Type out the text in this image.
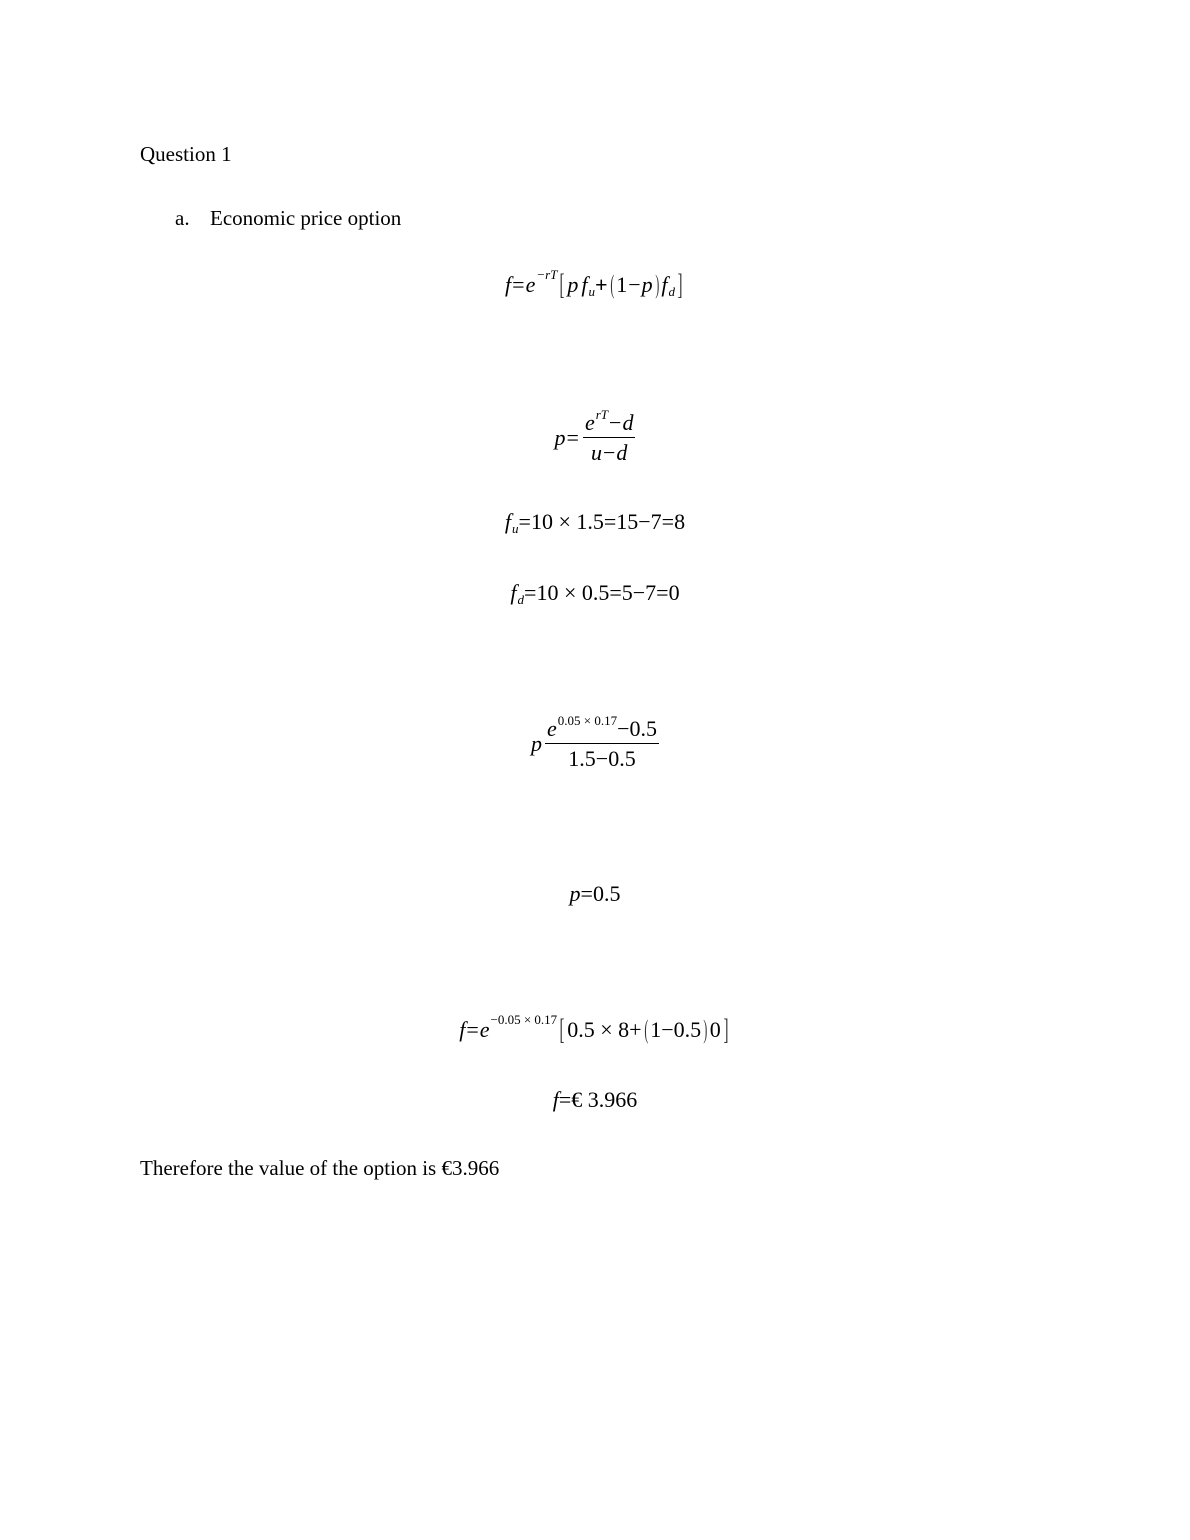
Question 1
a. Economic price option
f = e −rT [ p f u + ( 1 − p ) f d ]
$p = \frac{e^{rT}-d}{u-d}$
f u =10 × 1.5=15−7=8
f d =10 × 0.5=5−7=0
p $\frac{e^{0.05 \times 0.17}-0.5}{1.5-0.5}$
p =0.5
f = e −0.05 × 0.17 [ 0.5 × 8+ ( 1−0.5 ) 0 ]
f =€ 3.966
Therefore the value of the option is €3.966
